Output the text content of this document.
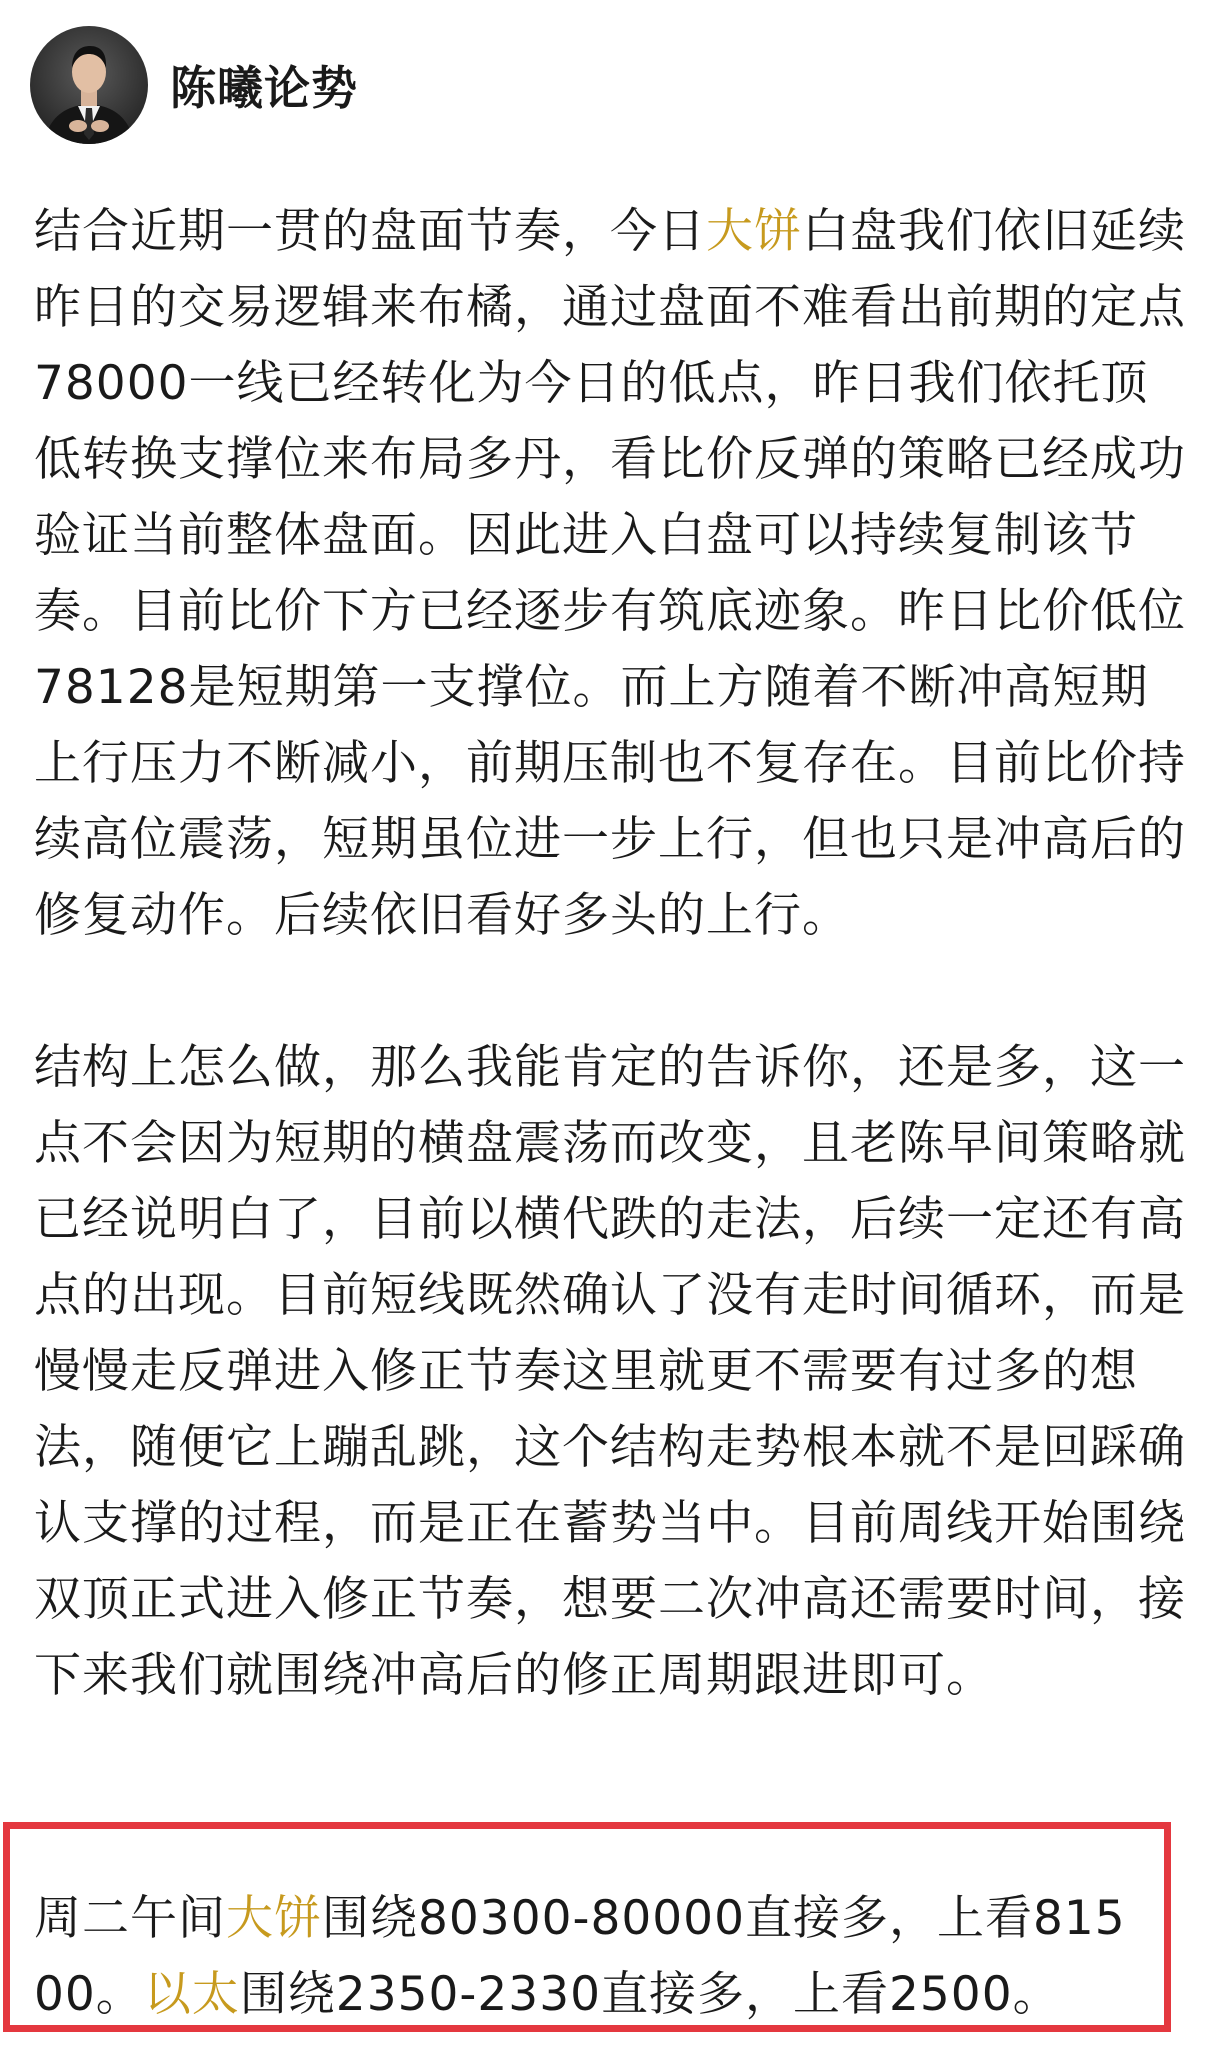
陈曦论势

结合近期一贯的盘面节奏，今日大饼白盘我们依旧延续昨日的交易逻辑来布橘，通过盘面不难看出前期的定点78000一线已经转化为今日的低点，昨日我们依托顶低转换支撑位来布局多丹，看比价反弹的策略已经成功验证当前整体盘面。因此进入白盘可以持续复制该节奏。目前比价下方已经逐步有筑底迹象。昨日比价低位78128是短期第一支撑位。而上方随着不断冲高短期上行压力不断减小，前期压制也不复存在。目前比价持续高位震荡，短期虽位进一步上行，但也只是冲高后的修复动作。后续依旧看好多头的上行。

结构上怎么做，那么我能肯定的告诉你，还是多，这一点不会因为短期的横盘震荡而改变，且老陈早间策略就已经说明白了，目前以横代跌的走法，后续一定还有高点的出现。目前短线既然确认了没有走时间循环，而是慢慢走反弹进入修正节奏这里就更不需要有过多的想法，随便它上蹦乱跳，这个结构走势根本就不是回踩确认支撑的过程，而是正在蓄势当中。目前周线开始围绕双顶正式进入修正节奏，想要二次冲高还需要时间，接下来我们就围绕冲高后的修正周期跟进即可。

周二午间大饼围绕80300-80000直接多，上看81500。以太围绕2350-2330直接多，上看2500。
